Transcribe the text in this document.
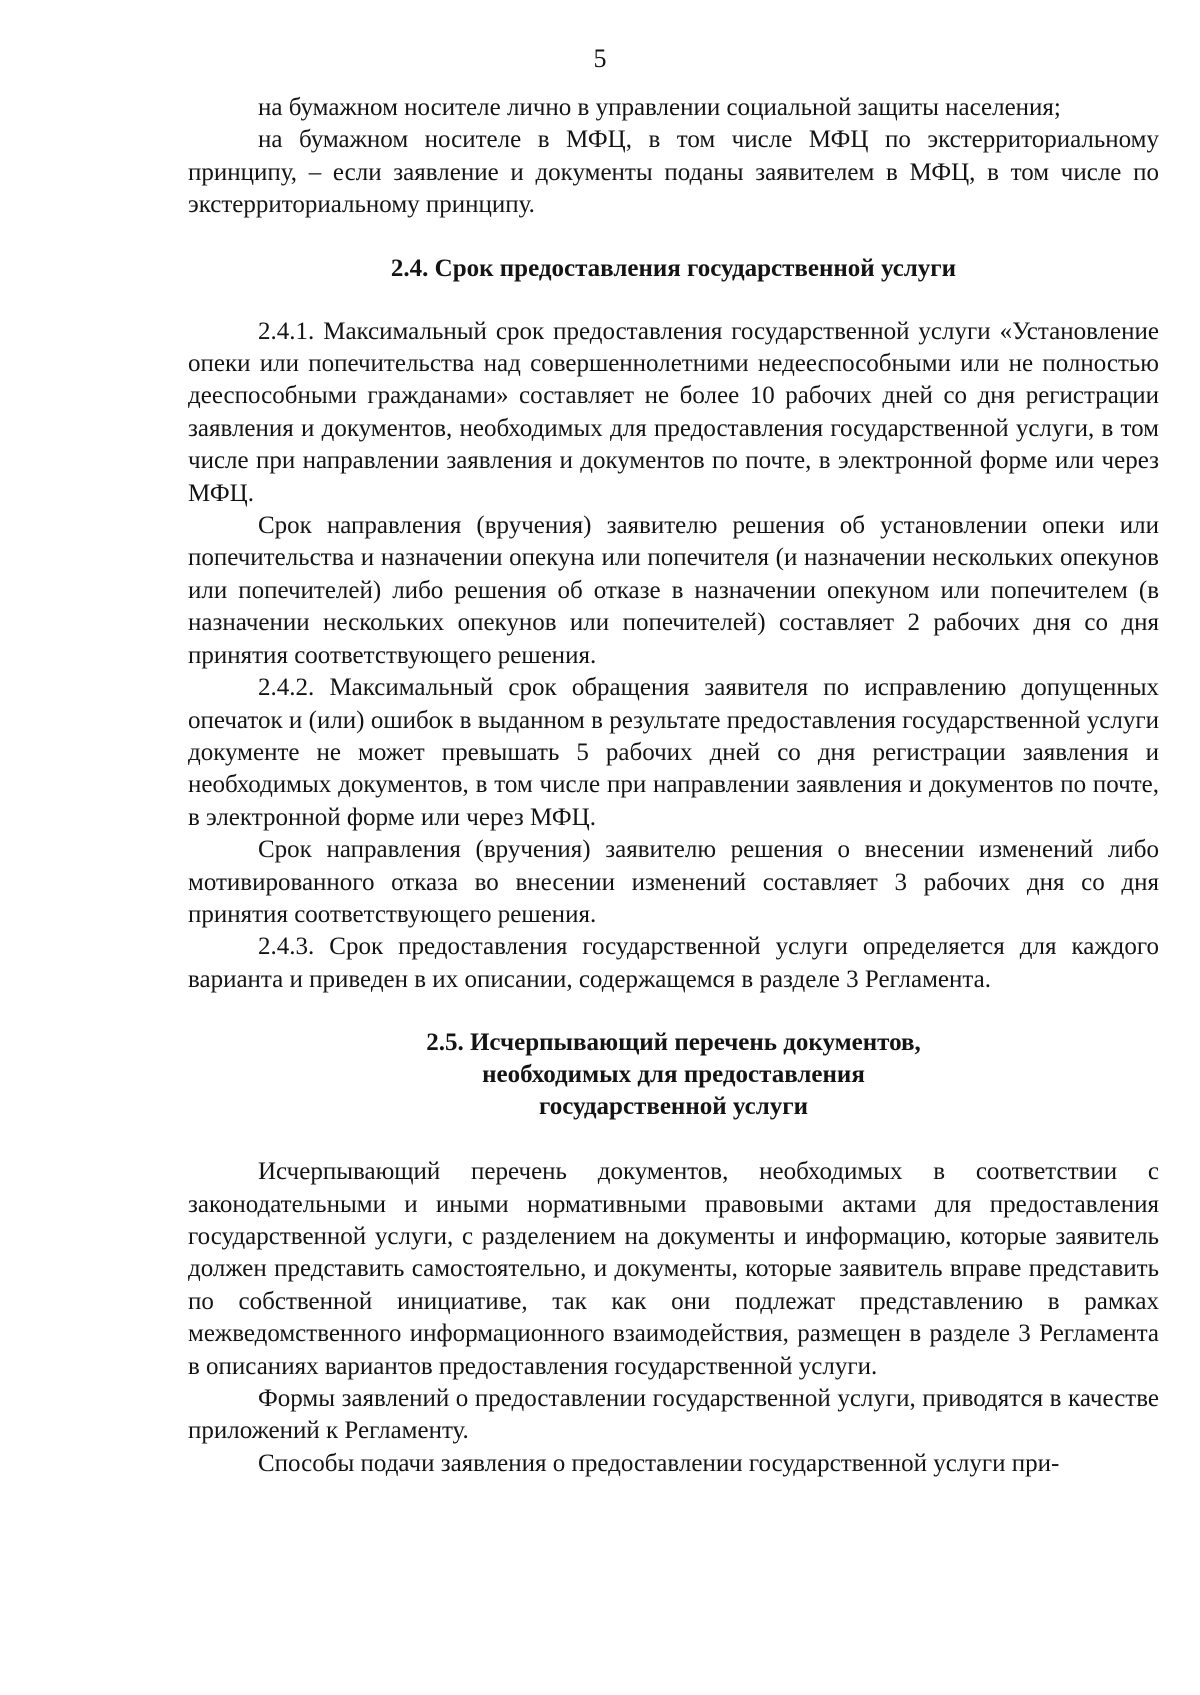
5

на бумажном носителе лично в управлении социальной защиты населения;

на бумажном носителе в МФЦ, в том числе МФЦ по экстерриториальному принципу, – если заявление и документы поданы заявителем в МФЦ, в том числе по экстерриториальному принципу.

2.4. Срок предоставления государственной услуги

2.4.1. Максимальный срок предоставления государственной услуги «Установление опеки или попечительства над совершеннолетними недееспособными или не полностью дееспособными гражданами» составляет не более 10 рабочих дней со дня регистрации заявления и документов, необходимых для предоставления государственной услуги, в том числе при направлении заявления и документов по почте, в электронной форме или через МФЦ.

Срок направления (вручения) заявителю решения об установлении опеки или попечительства и назначении опекуна или попечителя (и назначении нескольких опекунов или попечителей) либо решения об отказе в назначении опекуном или попечителем (в назначении нескольких опекунов или попечителей) составляет 2 рабочих дня со дня принятия соответствующего решения.

2.4.2. Максимальный срок обращения заявителя по исправлению допущенных опечаток и (или) ошибок в выданном в результате предоставления государственной услуги документе не может превышать 5 рабочих дней со дня регистрации заявления и необходимых документов, в том числе при направлении заявления и документов по почте, в электронной форме или через МФЦ.

Срок направления (вручения) заявителю решения о внесении изменений либо мотивированного отказа во внесении изменений составляет 3 рабочих дня со дня принятия соответствующего решения.

2.4.3. Срок предоставления государственной услуги определяется для каждого варианта и приведен в их описании, содержащемся в разделе 3 Регламента.

2.5. Исчерпывающий перечень документов,
необходимых для предоставления
государственной услуги

Исчерпывающий перечень документов, необходимых в соответствии с законодательными и иными нормативными правовыми актами для предоставления государственной услуги, с разделением на документы и информацию, которые заявитель должен представить самостоятельно, и документы, которые заявитель вправе представить по собственной инициативе, так как они подлежат представлению в рамках межведомственного информационного взаимодействия, размещен в разделе 3 Регламента в описаниях вариантов предоставления государственной услуги.

Формы заявлений о предоставлении государственной услуги, приводятся в качестве приложений к Регламенту.

Способы подачи заявления о предоставлении государственной услуги при-
